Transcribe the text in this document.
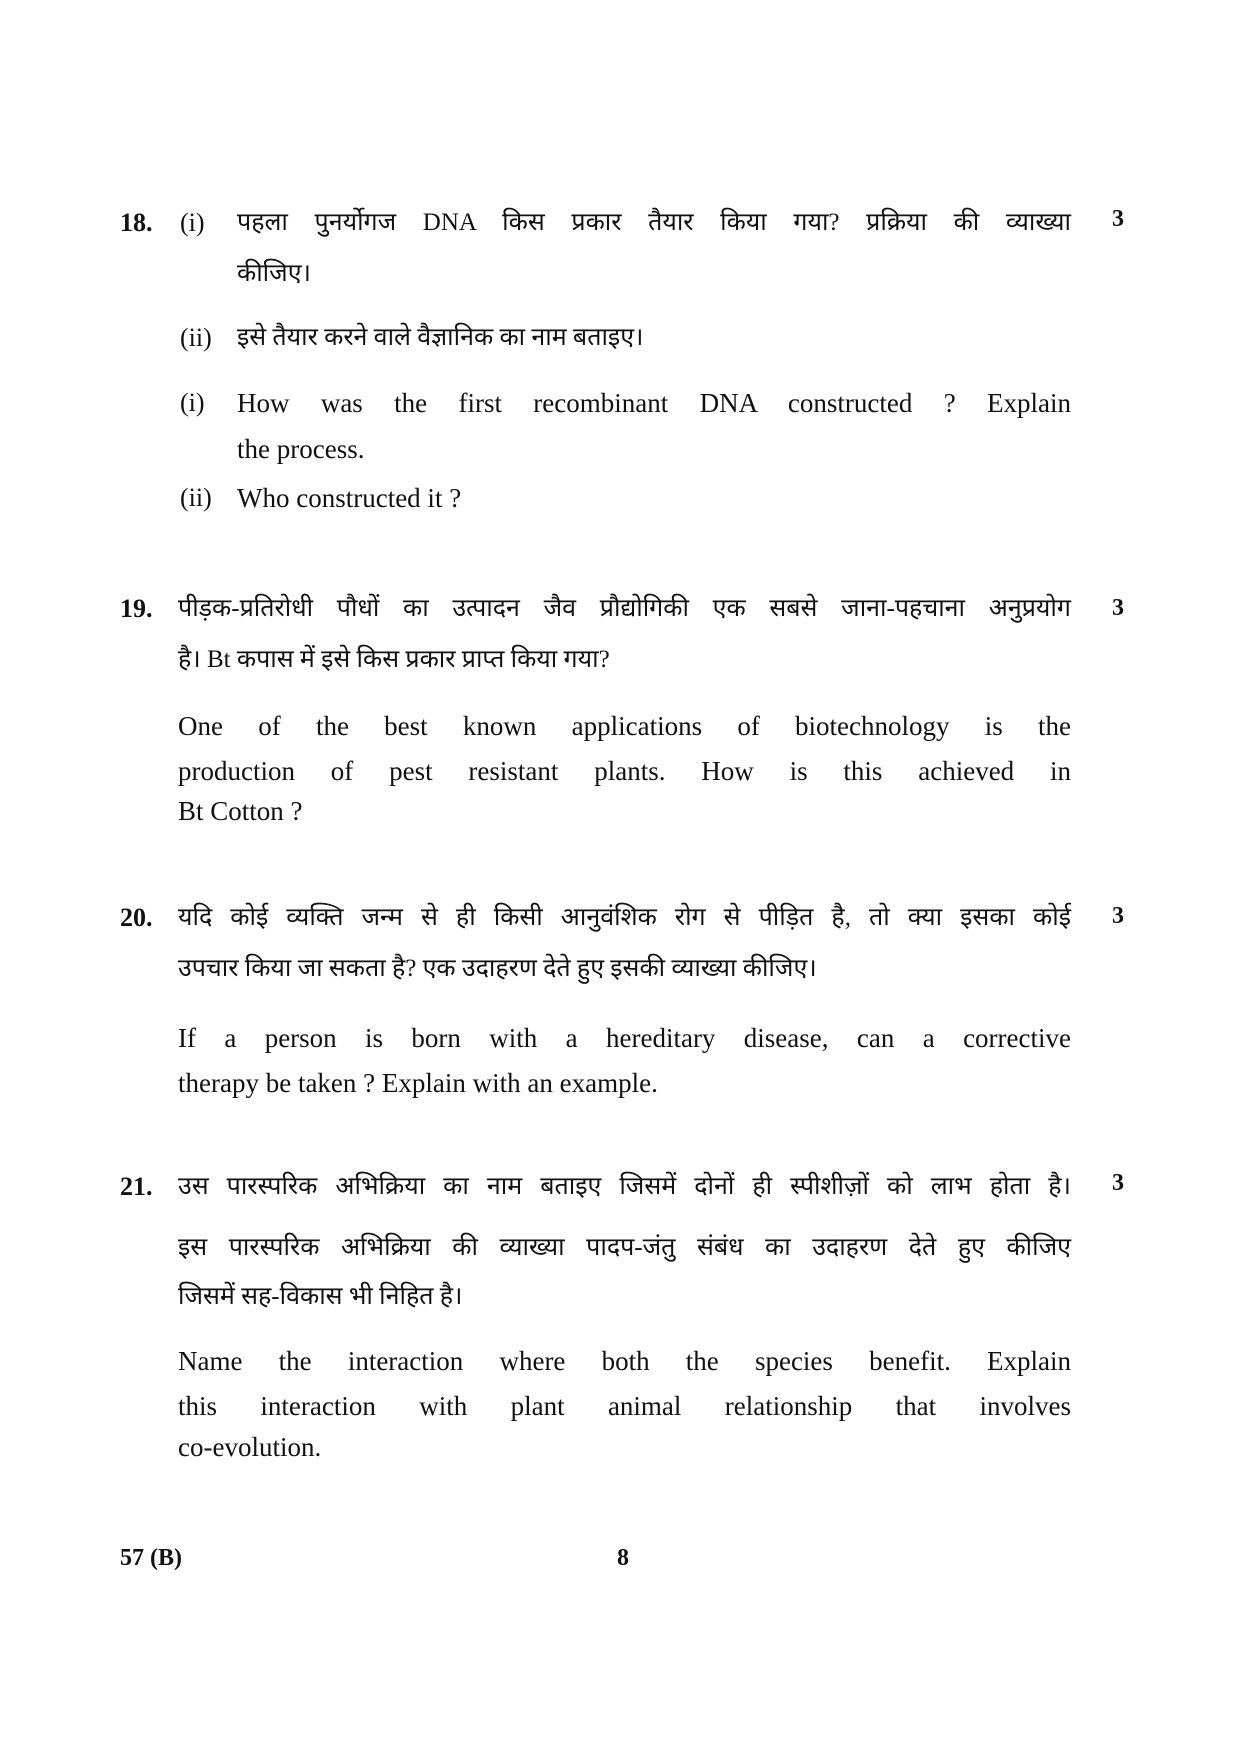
18.	3
(i) पहला पुनर्योगज DNA किस प्रकार तैयार किया गया? प्रक्रिया की व्याख्या
कीजिए।
(ii) इसे तैयार करने वाले वैज्ञानिक का नाम बताइए।
(i) How was the first recombinant DNA constructed ? Explain
the process.
(ii) Who constructed it ?
19.	3
पीड़क-प्रतिरोधी पौधों का उत्पादन जैव प्रौद्योगिकी एक सबसे जाना-पहचाना अनुप्रयोग
है। Bt कपास में इसे किस प्रकार प्राप्त किया गया?
One of the best known applications of biotechnology is the
production of pest resistant plants. How is this achieved in
Bt Cotton ?
20.	3
यदि कोई व्यक्ति जन्म से ही किसी आनुवंशिक रोग से पीड़ित है, तो क्या इसका कोई
उपचार किया जा सकता है? एक उदाहरण देते हुए इसकी व्याख्या कीजिए।
If a person is born with a hereditary disease, can a corrective
therapy be taken ? Explain with an example.
21.	3
उस पारस्परिक अभिक्रिया का नाम बताइए जिसमें दोनों ही स्पीशीज़ों को लाभ होता है।
इस पारस्परिक अभिक्रिया की व्याख्या पादप-जंतु संबंध का उदाहरण देते हुए कीजिए
जिसमें सह-विकास भी निहित है।
Name the interaction where both the species benefit. Explain
this interaction with plant animal relationship that involves
co-evolution.
57 (B)	8
